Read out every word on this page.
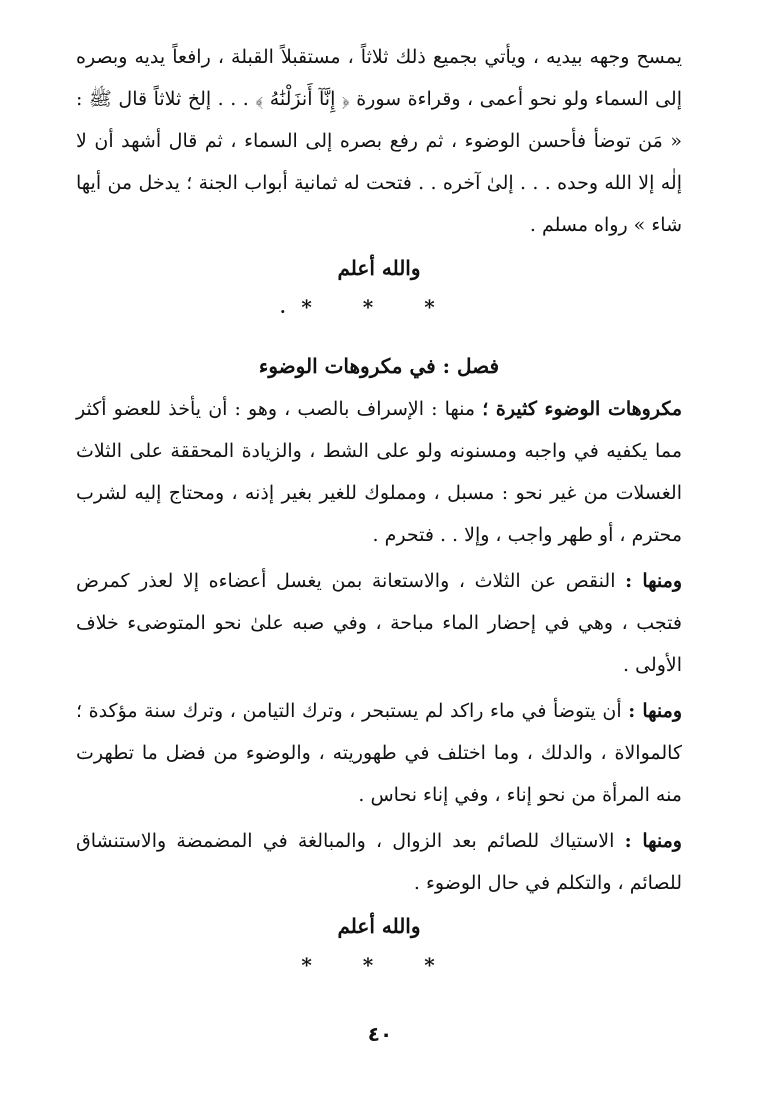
يمسح وجهه بيديه ، ويأتي بجميع ذلك ثلاثاً ، مستقبلاً القبلة ، رافعاً يديه وبصره إلى السماء ولو نحو أعمى ، وقراءة سورة ﴿ إِنَّآ أَنزَلْنَٰهُ ﴾ . . . إلخ ثلاثاً قال ﷺ : « مَن توضأ فأحسن الوضوء ، ثم رفع بصره إلى السماء ، ثم قال أشهد أن لا إلٰه إلا الله وحده . . . إلىٰ آخره . . فتحت له ثمانية أبواب الجنة ؛ يدخل من أيها شاء » رواه مسلم .

والله أعلم
* * *
.
فصل : في مكروهات الوضوء

مكروهات الوضوء كثيرة ؛ منها : الإسراف بالصب ، وهو : أن يأخذ للعضو أكثر مما يكفيه في واجبه ومسنونه ولو على الشط ، والزيادة المحققة على الثلاث الغسلات من غير نحو : مسبل ، ومملوك للغير بغير إذنه ، ومحتاج إليه لشرب محترم ، أو طهر واجب ، وإلا . . فتحرم .

ومنها : النقص عن الثلاث ، والاستعانة بمن يغسل أعضاءه إلا لعذر كمرض فتجب ، وهي في إحضار الماء مباحة ، وفي صبه علىٰ نحو المتوضىء خلاف الأولى .

ومنها : أن يتوضأ في ماء راكد لم يستبحر ، وترك التيامن ، وترك سنة مؤكدة ؛ كالموالاة ، والدلك ، وما اختلف في طهوريته ، والوضوء من فضل ما تطهرت منه المرأة من نحو إناء ، وفي إناء نحاس .

ومنها : الاستياك للصائم بعد الزوال ، والمبالغة في المضمضة والاستنشاق للصائم ، والتكلم في حال الوضوء .

والله أعلم
* * *
٤٠
